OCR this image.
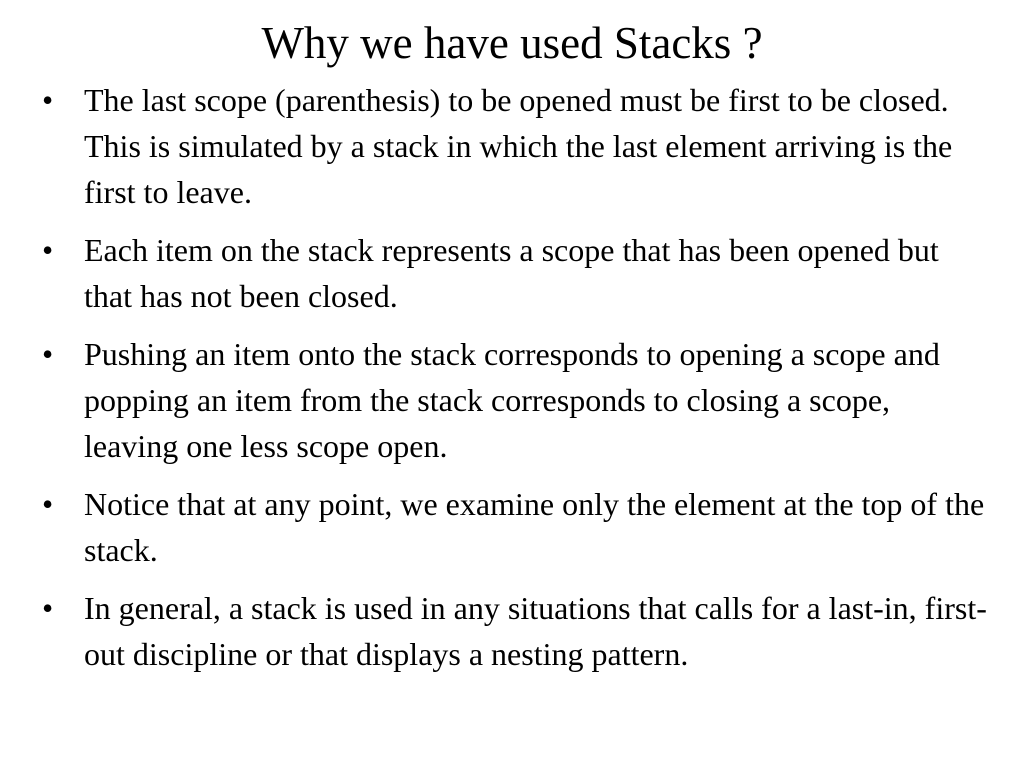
Why we have used Stacks ?
• The last scope (parenthesis) to be opened must be first to be closed. This is simulated by a stack in which the last element arriving is the first to leave.
• Each item on the stack represents a scope that has been opened but that has not been closed.
• Pushing an item onto the stack corresponds to opening a scope and popping an item from the stack corresponds to closing a scope, leaving one less scope open.
• Notice that at any point, we examine only the element at the top of the stack.
• In general, a stack is used in any situations that calls for a last-in, first-out discipline or that displays a nesting pattern.
